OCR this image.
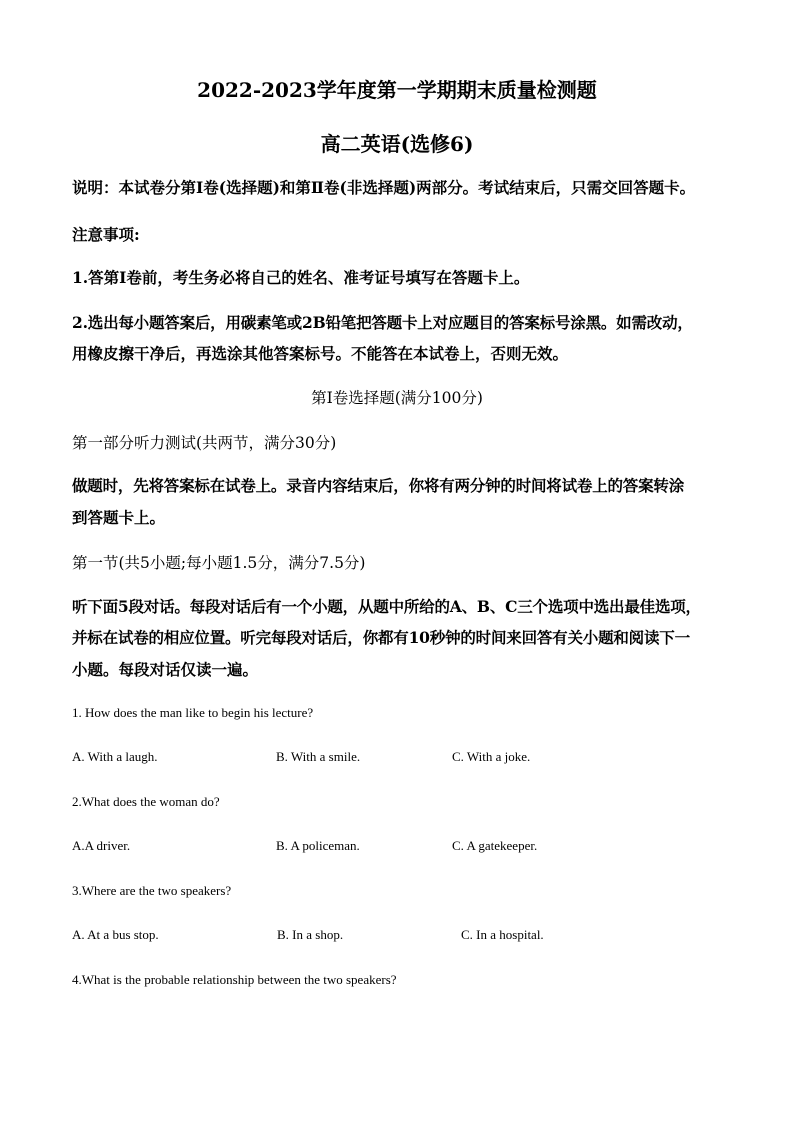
2022-2023学年度第一学期期末质量检测题
高二英语(选修6)
说明：本试卷分第Ⅰ卷(选择题)和第Ⅱ卷(非选择题)两部分。考试结束后，只需交回答题卡。
注意事项:
1.答第Ⅰ卷前，考生务必将自己的姓名、准考证号填写在答题卡上。
2.选出每小题答案后，用碳素笔或2B铅笔把答题卡上对应题目的答案标号涂黑。如需改动，
用橡皮擦干净后，再选涂其他答案标号。不能答在本试卷上，否则无效。
第Ⅰ卷选择题(满分100分)
第一部分听力测试(共两节，满分30分)
做题时，先将答案标在试卷上。录音内容结束后，你将有两分钟的时间将试卷上的答案转涂
到答题卡上。
第一节(共5小题;每小题1.5分，满分7.5分)
听下面5段对话。每段对话后有一个小题，从题中所给的A、B、C三个选项中选出最佳选项，
并标在试卷的相应位置。听完每段对话后，你都有10秒钟的时间来回答有关小题和阅读下一
小题。每段对话仅读一遍。
1. How does the man like to begin his lecture?
A. With a laugh.	B. With a smile.	C. With a joke.
2.What does the woman do?
A.A driver.	B. A policeman.	C. A gatekeeper.
3.Where are the two speakers?
A. At a bus stop.	B. In a shop.	C. In a hospital.
4.What is the probable relationship between the two speakers?
